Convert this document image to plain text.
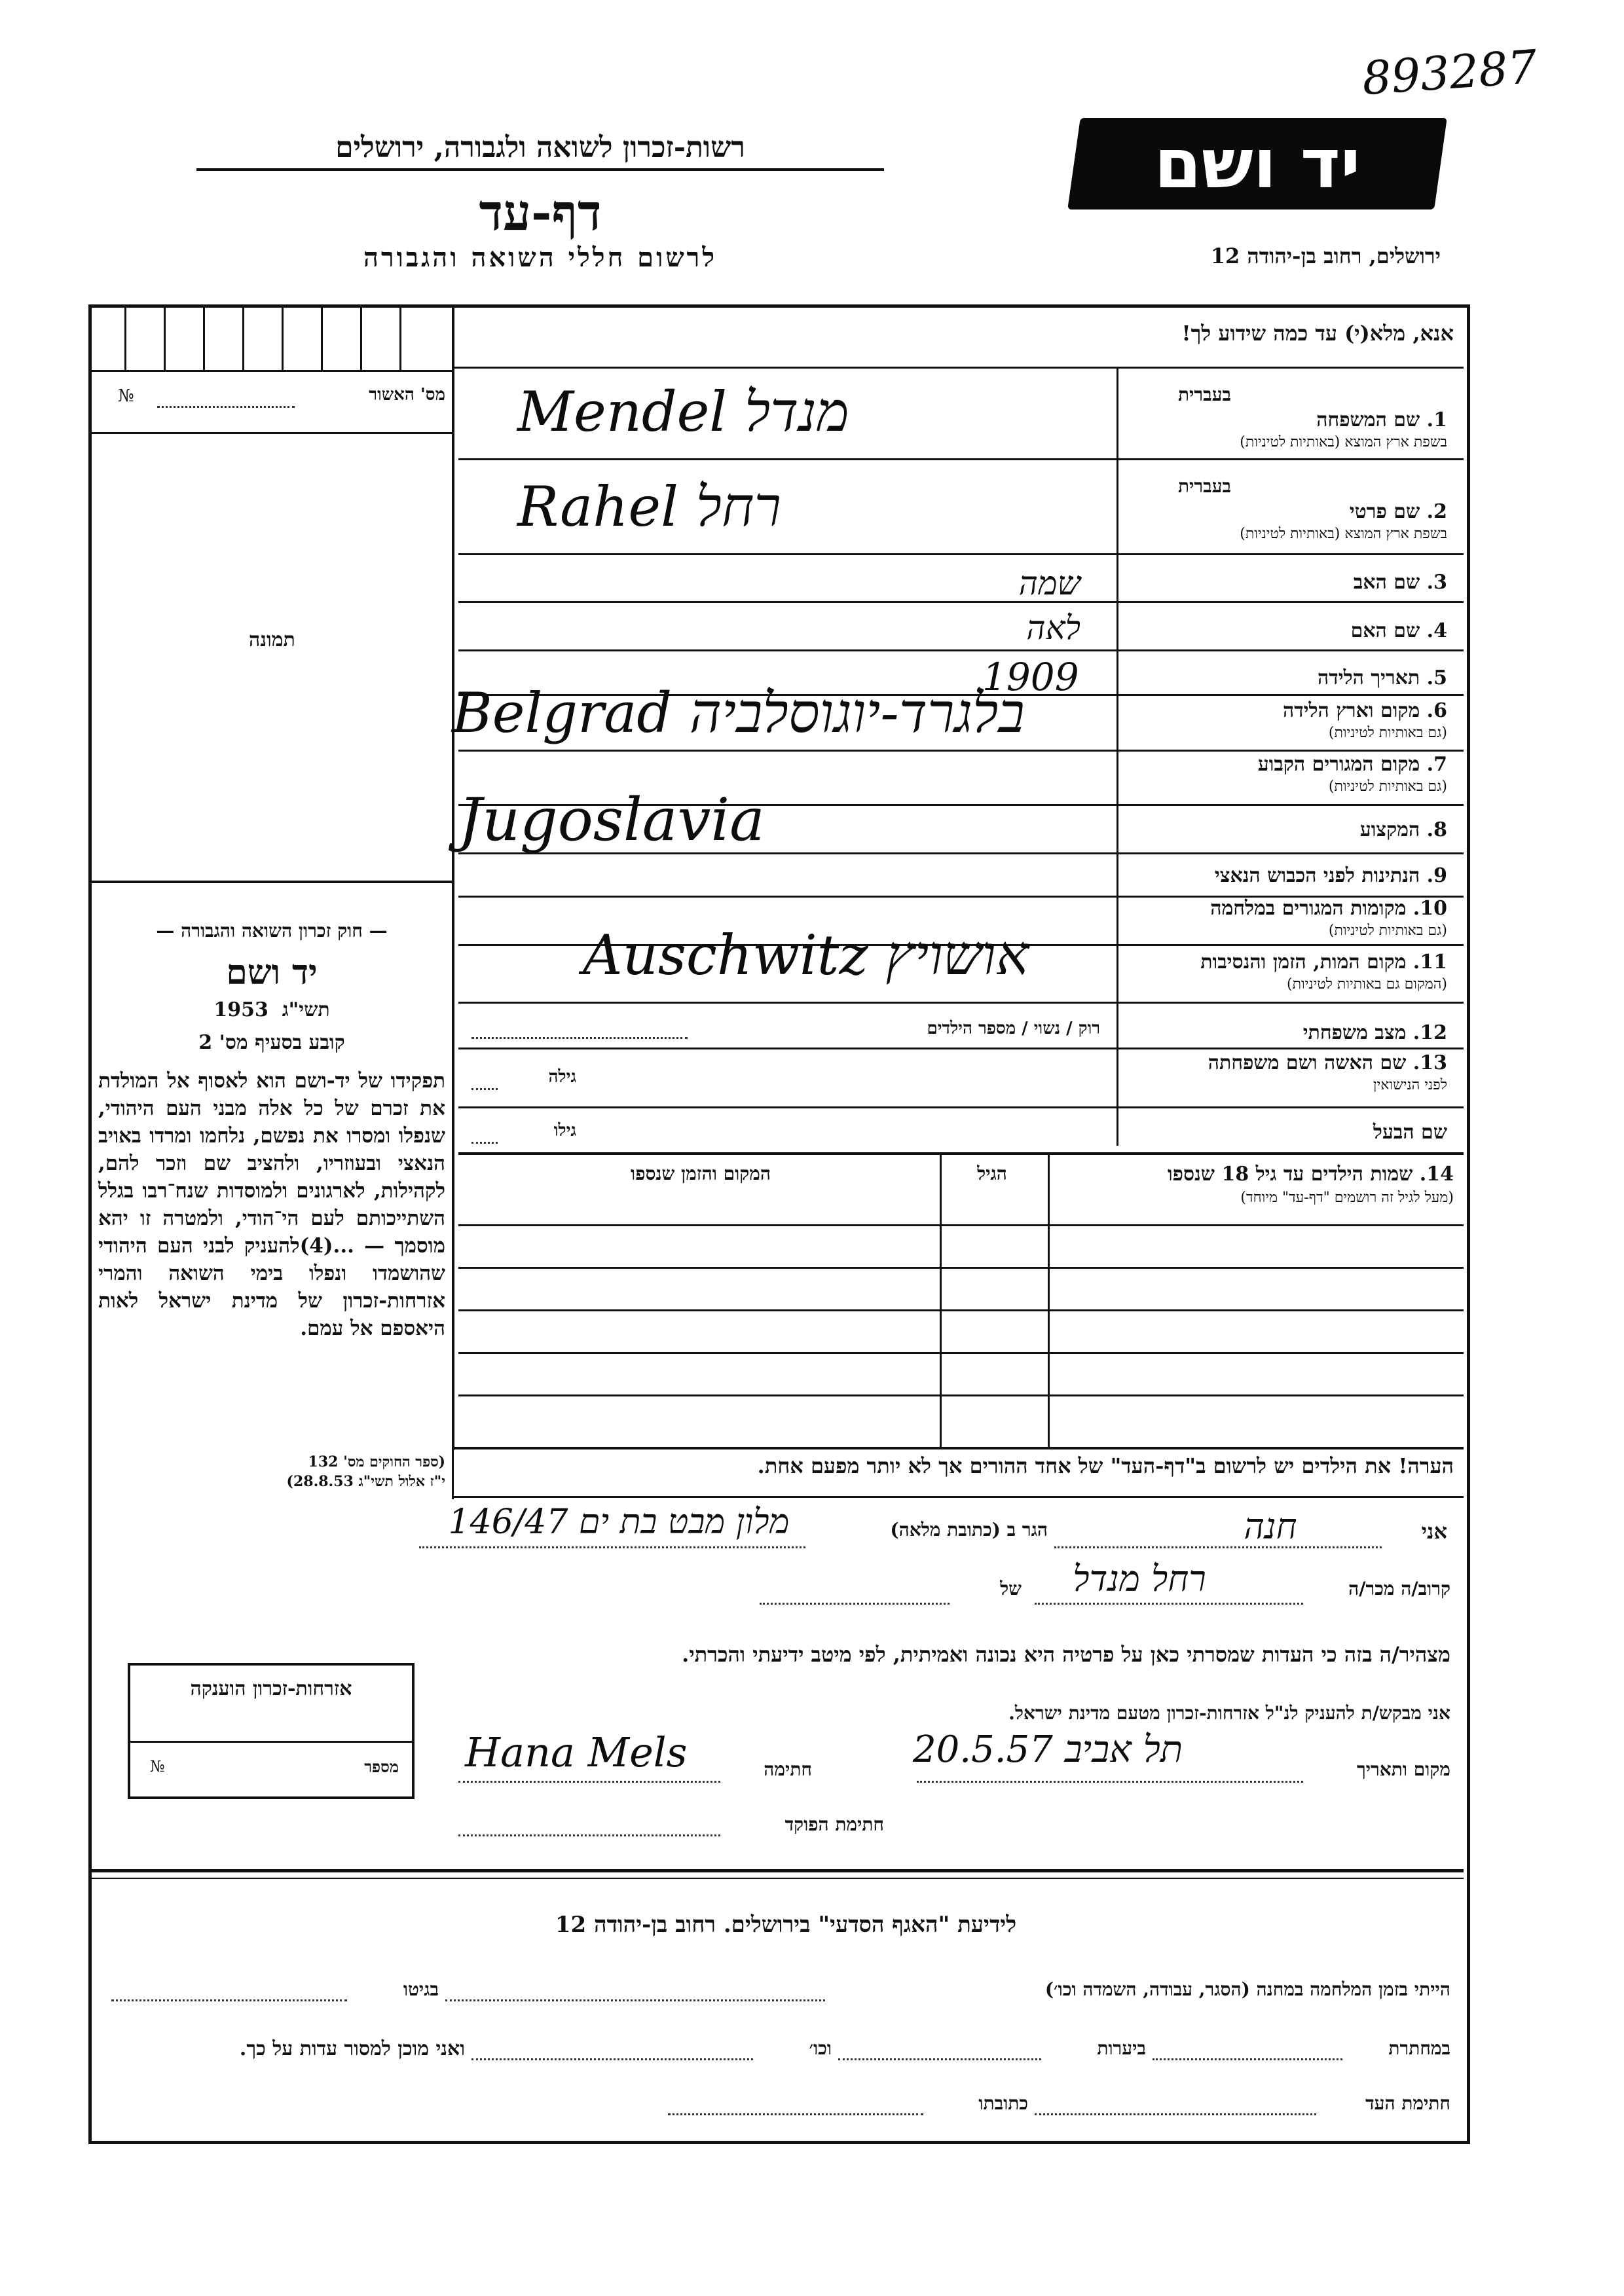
893287
יד ושם
רשות-זכרון לשואה ולגבורה, ירושלים
דף-עד
לרשום חללי השואה והגבורה	ירושלים, רחוב בן-יהודה 12
מס' האשור
№
תמונה
אנא, מלא(י) עד כמה שידוע לך!
בעברית
1. שם המשפחה
בשפת ארץ המוצא (באותיות לטיניות)
Mendel מנדל
בעברית
2. שם פרטי
בשפת ארץ המוצא (באותיות לטיניות)
Rahel רחל
3. שם האב
שמה
4. שם האם
לאה
5. תאריך הלידה
1909
6. מקום וארץ הלידה
(גם באותיות לטיניות)
Belgrad בלגרד-יוגוסלביה
7. מקום המגורים הקבוע
(גם באותיות לטיניות)
Jugoslavia	8. המקצוע
9. הנתינות לפני הכבוש הנאצי
10. מקומות המגורים במלחמה
(גם באותיות לטיניות)
11. מקום המות, הזמן והנסיבות
(המקום גם באותיות לטיניות)
Auschwitz אושויץ
12. מצב משפחתי
רוק / נשוי / מספר הילדים
13. שם האשה ושם משפחתה
לפני הנישואין
גילה
שם הבעל
גילו
14. שמות הילדים עד גיל 18 שנספו
(מעל לגיל זה רושמים "דף-עד" מיוחד)
הגיל
המקום והזמן שנספו
— חוק זכרון השואה והגבורה —
יד ושם
1953 תשי"ג
קובע בסעיף מס' 2
תפקידו של יד-ושם הוא לאסוף אל המולדת את זכרם של כל אלה מבני העם היהודי, שנפלו ומסרו את נפשם, נלחמו ומרדו באויב הנאצי ובעוזריו, ולהציב שם וזכר להם, לקהילות, לארגונים ולמוסדות שנח־רבו בגלל השתייכותם לעם הי־הודי, ולמטרה זו יהא מוסמך — ...(4)להעניק לבני העם היהודי שהושמדו ונפלו בימי השואה והמרי אזרחות-זכרון של מדינת ישראל לאות היאספם אל עמם.
(ספר החוקים מס' 132
י"ז אלול תשי"ג 28.8.53)
אזרחות-זכרון הוענקה
מספר
№
הערה! את הילדים יש לרשום ב"דף-העד" של אחד ההורים אך לא יותר מפעם אחת.
אני
חנה
הגר ב (כתובת מלאה)
מלון מבט בת ים 146/47
קרוב/ה מכר/ה
רחל מנדל
של
מצהיר/ה בזה כי העדות שמסרתי כאן על פרטיה היא נכונה ואמיתית, לפי מיטב ידיעתי והכרתי.
אני מבקש/ת להעניק לנ"ל אזרחות-זכרון מטעם מדינת ישראל.
מקום ותאריך
תל אביב 20.5.57
חתימה
Hana Mels
חתימת הפוקד
לידיעת "האגף הסדעי" בירושלים. רחוב בן-יהודה 12
הייתי בזמן המלחמה במחנה (הסגר, עבודה, השמדה וכו׳)
בגיטו
במחתרת
ביערות
וכו׳
ואני מוכן למסור עדות על כך.
חתימת העד
כתובתו
